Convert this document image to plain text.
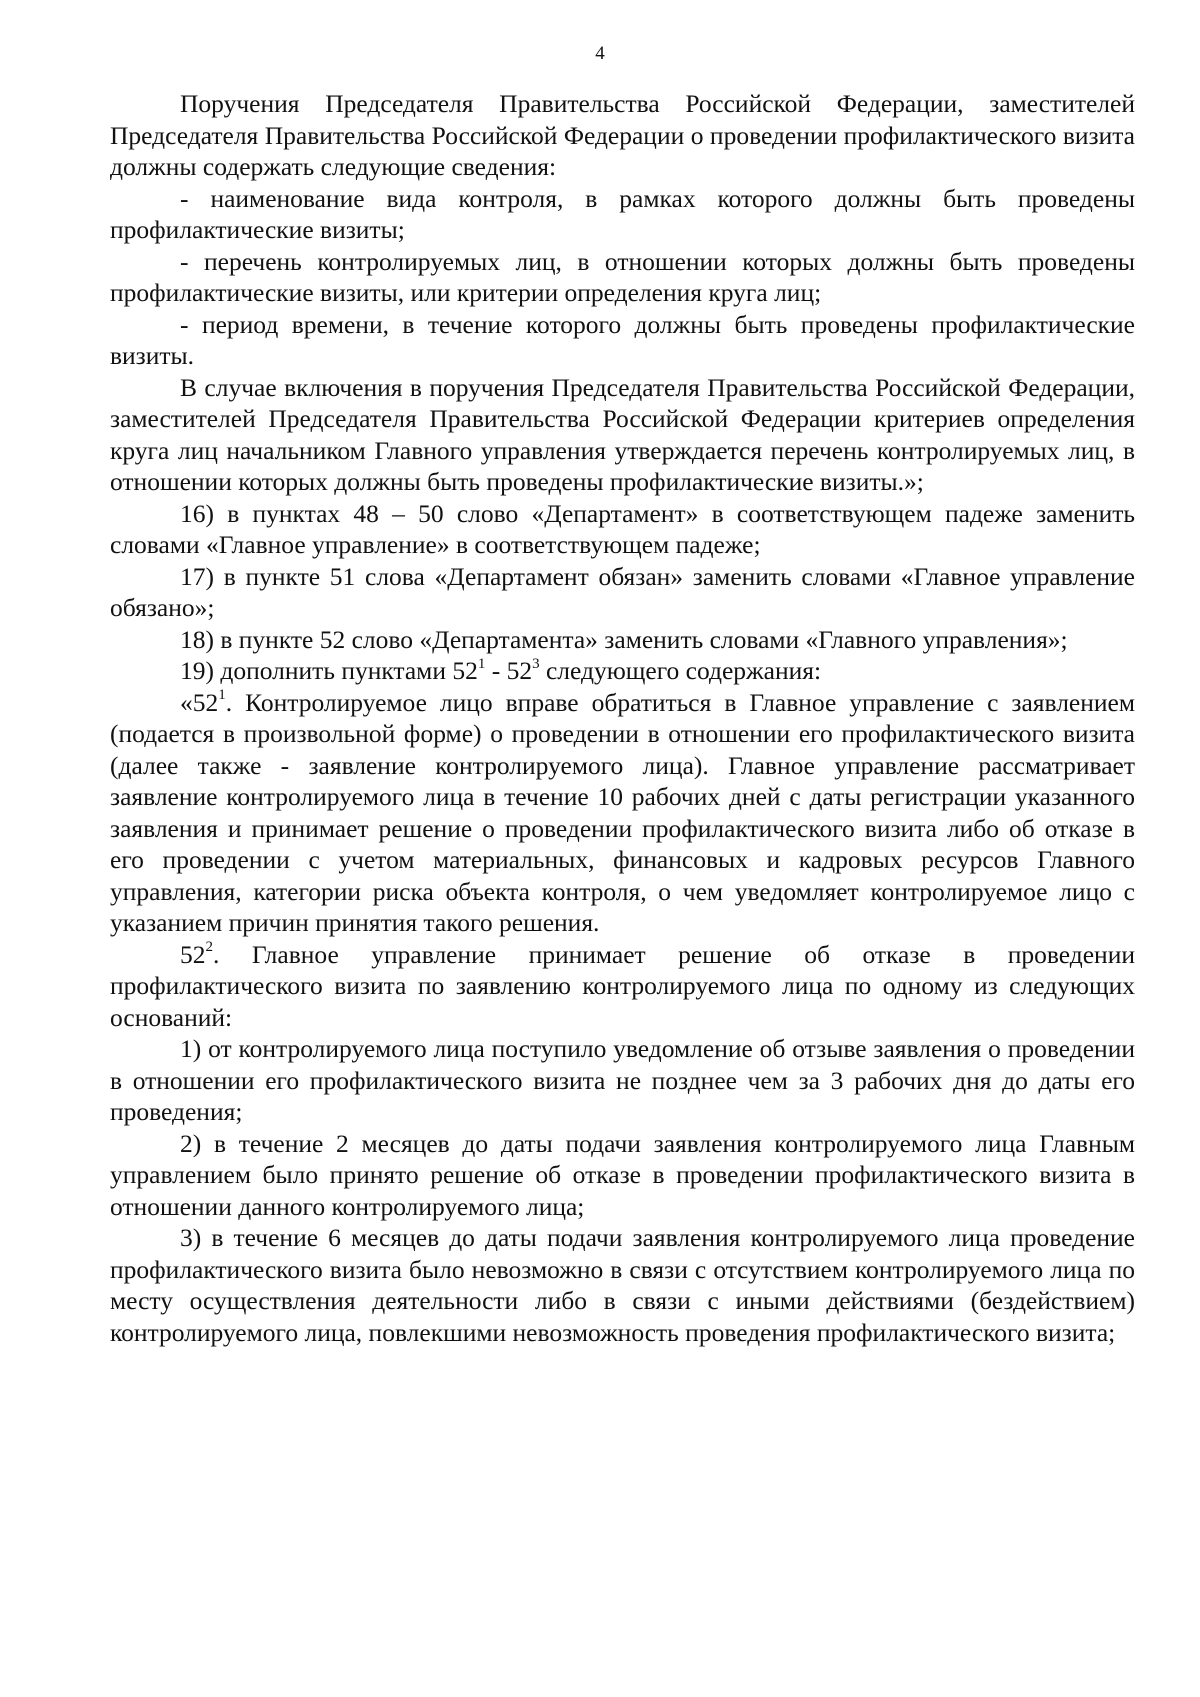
4

Поручения Председателя Правительства Российской Федерации, заместителей Председателя Правительства Российской Федерации о проведении профилактического визита должны содержать следующие сведения:

- наименование вида контроля, в рамках которого должны быть проведены профилактические визиты;

- перечень контролируемых лиц, в отношении которых должны быть проведены профилактические визиты, или критерии определения круга лиц;

- период времени, в течение которого должны быть проведены профилактические визиты.

В случае включения в поручения Председателя Правительства Российской Федерации, заместителей Председателя Правительства Российской Федерации критериев определения круга лиц начальником Главного управления утверждается перечень контролируемых лиц, в отношении которых должны быть проведены профилактические визиты.»;

16) в пунктах 48 – 50 слово «Департамент» в соответствующем падеже заменить словами «Главное управление» в соответствующем падеже;

17) в пункте 51 слова «Департамент обязан» заменить словами «Главное управление обязано»;

18) в пункте 52 слово «Департамента» заменить словами «Главного управления»;

19) дополнить пунктами $52^1 - 52^3$ следующего содержания:

«$52^1$. Контролируемое лицо вправе обратиться в Главное управление с заявлением (подается в произвольной форме) о проведении в отношении его профилактического визита (далее также - заявление контролируемого лица). Главное управление рассматривает заявление контролируемого лица в течение 10 рабочих дней с даты регистрации указанного заявления и принимает решение о проведении профилактического визита либо об отказе в его проведении с учетом материальных, финансовых и кадровых ресурсов Главного управления, категории риска объекта контроля, о чем уведомляет контролируемое лицо с указанием причин принятия такого решения.

$52^2$. Главное управление принимает решение об отказе в проведении профилактического визита по заявлению контролируемого лица по одному из следующих оснований:

1) от контролируемого лица поступило уведомление об отзыве заявления о проведении в отношении его профилактического визита не позднее чем за 3 рабочих дня до даты его проведения;

2) в течение 2 месяцев до даты подачи заявления контролируемого лица Главным управлением было принято решение об отказе в проведении профилактического визита в отношении данного контролируемого лица;

3) в течение 6 месяцев до даты подачи заявления контролируемого лица проведение профилактического визита было невозможно в связи с отсутствием контролируемого лица по месту осуществления деятельности либо в связи с иными действиями (бездействием) контролируемого лица, повлекшими невозможность проведения профилактического визита;
